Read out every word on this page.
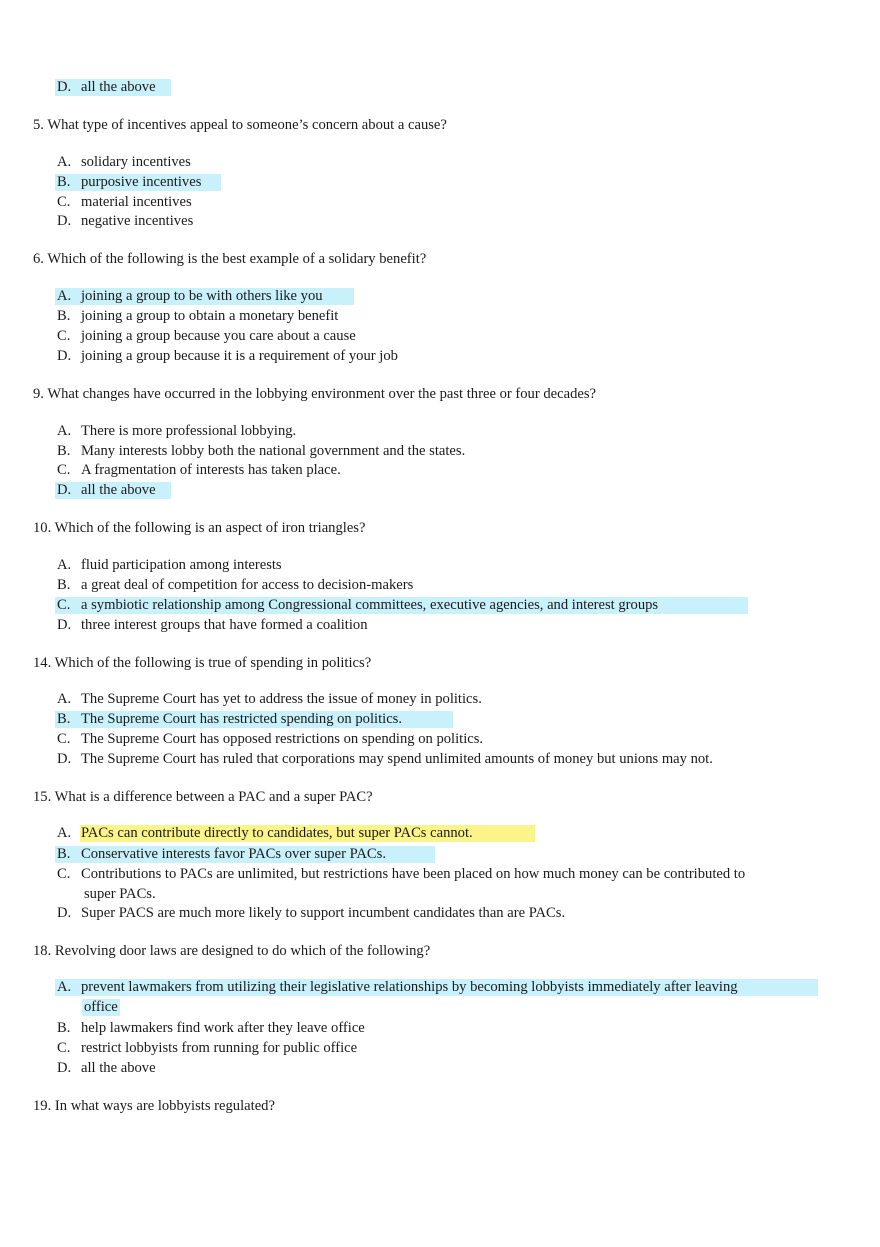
D. all the above
5. What type of incentives appeal to someone’s concern about a cause?
A. solidary incentives
B. purposive incentives
C. material incentives
D. negative incentives
6. Which of the following is the best example of a solidary benefit?
A. joining a group to be with others like you
B. joining a group to obtain a monetary benefit
C. joining a group because you care about a cause
D. joining a group because it is a requirement of your job
9. What changes have occurred in the lobbying environment over the past three or four decades?
A. There is more professional lobbying.
B. Many interests lobby both the national government and the states.
C. A fragmentation of interests has taken place.
D. all the above
10. Which of the following is an aspect of iron triangles?
A. fluid participation among interests
B. a great deal of competition for access to decision-makers
C. a symbiotic relationship among Congressional committees, executive agencies, and interest groups
D. three interest groups that have formed a coalition
14. Which of the following is true of spending in politics?
A. The Supreme Court has yet to address the issue of money in politics.
B. The Supreme Court has restricted spending on politics.
C. The Supreme Court has opposed restrictions on spending on politics.
D. The Supreme Court has ruled that corporations may spend unlimited amounts of money but unions may not.
15. What is a difference between a PAC and a super PAC?
A. PACs can contribute directly to candidates, but super PACs cannot.
B. Conservative interests favor PACs over super PACs.
C. Contributions to PACs are unlimited, but restrictions have been placed on how much money can be contributed to
super PACs.
D. Super PACS are much more likely to support incumbent candidates than are PACs.
18. Revolving door laws are designed to do which of the following?
A. prevent lawmakers from utilizing their legislative relationships by becoming lobbyists immediately after leaving
office
B. help lawmakers find work after they leave office
C. restrict lobbyists from running for public office
D. all the above
19. In what ways are lobbyists regulated?
